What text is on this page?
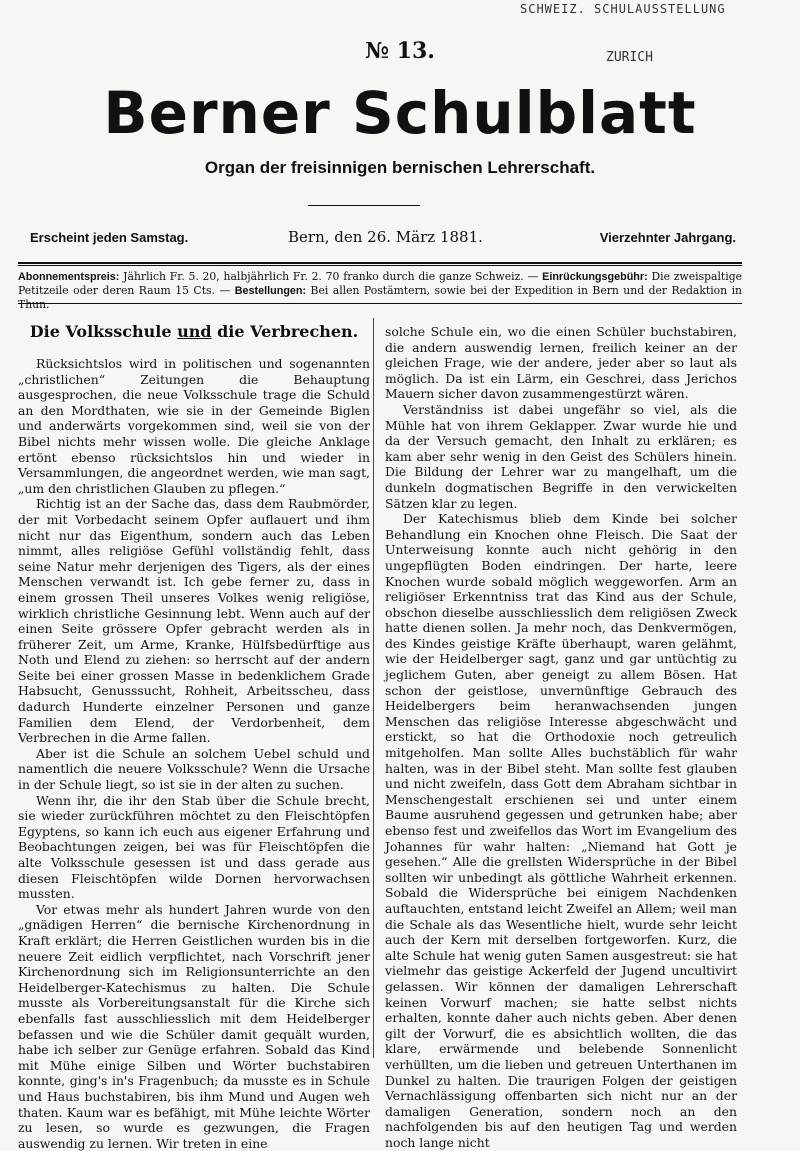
SCHWEIZ. SCHULAUSSTELLUNG
ZURICH
№ 13.
Berner Schulblatt
Organ der freisinnigen bernischen Lehrerschaft.
Erscheint jeden Samstag.	Bern, den 26. März 1881.	Vierzehnter Jahrgang.
Abonnementspreis: Jährlich Fr. 5. 20, halbjährlich Fr. 2. 70 franko durch die ganze Schweiz. — Einrückungsgebühr: Die zweispaltige Petitzeile oder deren Raum 15 Cts. — Bestellungen: Bei allen Postämtern, sowie bei der Expedition in Bern und der Redaktion in Thun.
Die Volksschule und die Verbrechen.

Rücksichtslos wird in politischen und sogenannten „christlichen“ Zeitungen die Behauptung ausgesprochen, die neue Volksschule trage die Schuld an den Mordthaten, wie sie in der Gemeinde Biglen und anderwärts vorgekommen sind, weil sie von der Bibel nichts mehr wissen wolle. Die gleiche Anklage ertönt ebenso rücksichtslos hin und wieder in Versammlungen, die angeordnet werden, wie man sagt, „um den christlichen Glauben zu pflegen.“

Richtig ist an der Sache das, dass dem Raubmörder, der mit Vorbedacht seinem Opfer auflauert und ihm nicht nur das Eigenthum, sondern auch das Leben nimmt, alles religiöse Gefühl vollständig fehlt, dass seine Natur mehr derjenigen des Tigers, als der eines Menschen verwandt ist. Ich gebe ferner zu, dass in einem grossen Theil unseres Volkes wenig religiöse, wirklich christliche Gesinnung lebt. Wenn auch auf der einen Seite grössere Opfer gebracht werden als in früherer Zeit, um Arme, Kranke, Hülfsbedürftige aus Noth und Elend zu ziehen: so herrscht auf der andern Seite bei einer grossen Masse in bedenklichem Grade Habsucht, Genusssucht, Rohheit, Arbeitsscheu, dass dadurch Hunderte einzelner Personen und ganze Familien dem Elend, der Verdorbenheit, dem Verbrechen in die Arme fallen.

Aber ist die Schule an solchem Uebel schuld und namentlich die neuere Volksschule? Wenn die Ursache in der Schule liegt, so ist sie in der alten zu suchen.

Wenn ihr, die ihr den Stab über die Schule brecht, sie wieder zurückführen möchtet zu den Fleischtöpfen Egyptens, so kann ich euch aus eigener Erfahrung und Beobachtungen zeigen, bei was für Fleischtöpfen die alte Volksschule gesessen ist und dass gerade aus diesen Fleischtöpfen wilde Dornen hervorwachsen mussten.

Vor etwas mehr als hundert Jahren wurde von den „gnädigen Herren“ die bernische Kirchenordnung in Kraft erklärt; die Herren Geistlichen wurden bis in die neuere Zeit eidlich verpflichtet, nach Vorschrift jener Kirchenordnung sich im Religionsunterrichte an den Heidelberger-Katechismus zu halten. Die Schule musste als Vorbereitungsanstalt für die Kirche sich ebenfalls fast ausschliesslich mit dem Heidelberger befassen und wie die Schüler damit gequält wurden, habe ich selber zur Genüge erfahren. Sobald das Kind mit Mühe einige Silben und Wörter buchstabiren konnte, ging's in's Fragenbuch; da musste es in Schule und Haus buchstabiren, bis ihm Mund und Augen weh thaten. Kaum war es befähigt, mit Mühe leichte Wörter zu lesen, so wurde es gezwungen, die Fragen auswendig zu lernen. Wir treten in eine

solche Schule ein, wo die einen Schüler buchstabiren, die andern auswendig lernen, freilich keiner an der gleichen Frage, wie der andere, jeder aber so laut als möglich. Da ist ein Lärm, ein Geschrei, dass Jerichos Mauern sicher davon zusammengestürzt wären.

Verständniss ist dabei ungefähr so viel, als die Mühle hat von ihrem Geklapper. Zwar wurde hie und da der Versuch gemacht, den Inhalt zu erklären; es kam aber sehr wenig in den Geist des Schülers hinein. Die Bildung der Lehrer war zu mangelhaft, um die dunkeln dogmatischen Begriffe in den verwickelten Sätzen klar zu legen.

Der Katechismus blieb dem Kinde bei solcher Behandlung ein Knochen ohne Fleisch. Die Saat der Unterweisung konnte auch nicht gehörig in den ungepflügten Boden eindringen. Der harte, leere Knochen wurde sobald möglich weggeworfen. Arm an religiöser Erkenntniss trat das Kind aus der Schule, obschon dieselbe ausschliesslich dem religiösen Zweck hatte dienen sollen. Ja mehr noch, das Denkvermögen, des Kindes geistige Kräfte überhaupt, waren gelähmt, wie der Heidelberger sagt, ganz und gar untüchtig zu jeglichem Guten, aber geneigt zu allem Bösen. Hat schon der geistlose, unvernünftige Gebrauch des Heidelbergers beim heranwachsenden jungen Menschen das religiöse Interesse abgeschwächt und erstickt, so hat die Orthodoxie noch getreulich mitgeholfen. Man sollte Alles buchstäblich für wahr halten, was in der Bibel steht. Man sollte fest glauben und nicht zweifeln, dass Gott dem Abraham sichtbar in Menschengestalt erschienen sei und unter einem Baume ausruhend gegessen und getrunken habe; aber ebenso fest und zweifellos das Wort im Evangelium des Johannes für wahr halten: „Niemand hat Gott je gesehen.“ Alle die grellsten Widersprüche in der Bibel sollten wir unbedingt als göttliche Wahrheit erkennen. Sobald die Widersprüche bei einigem Nachdenken auftauchten, entstand leicht Zweifel an Allem; weil man die Schale als das Wesentliche hielt, wurde sehr leicht auch der Kern mit derselben fortgeworfen. Kurz, die alte Schule hat wenig guten Samen ausgestreut: sie hat vielmehr das geistige Ackerfeld der Jugend uncultivirt gelassen. Wir können der damaligen Lehrerschaft keinen Vorwurf machen; sie hatte selbst nichts erhalten, konnte daher auch nichts geben. Aber denen gilt der Vorwurf, die es absichtlich wollten, die das klare, erwärmende und belebende Sonnenlicht verhüllten, um die lieben und getreuen Unterthanen im Dunkel zu halten. Die traurigen Folgen der geistigen Vernachlässigung offenbarten sich nicht nur an der damaligen Generation, sondern noch an den nachfolgenden bis auf den heutigen Tag und werden noch lange nicht
